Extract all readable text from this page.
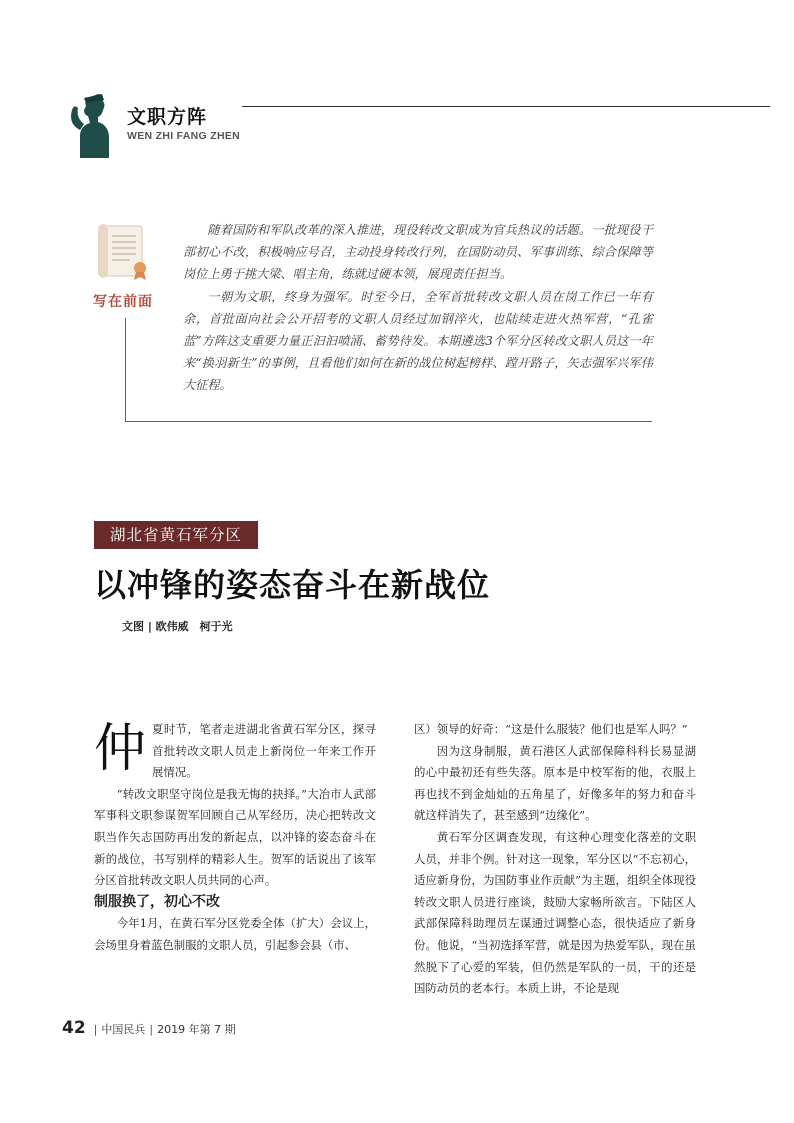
文职方阵
WEN ZHI FANG ZHEN
写在前面

随着国防和军队改革的深入推进，现役转改文职成为官兵热议的话题。一批现役干部初心不改，积极响应号召，主动投身转改行列，在国防动员、军事训练、综合保障等岗位上勇于挑大梁、唱主角，练就过硬本领，展现责任担当。

一朝为文职，终身为强军。时至今日，全军首批转改文职人员在岗工作已一年有余，首批面向社会公开招考的文职人员经过加钢淬火，也陆续走进火热军营，“孔雀蓝”方阵这支重要力量正汩汩喷涌、蓄势待发。本期遴选3个军分区转改文职人员这一年来“换羽新生”的事例，且看他们如何在新的战位树起榜样、蹚开路子，矢志强军兴军伟大征程。

湖北省黄石军分区
以冲锋的姿态奋斗在新战位
文图 | 欧伟威　柯于光
仲 夏时节，笔者走进湖北省黄石军分区，探寻首批转改文职人员走上新岗位一年来工作开展情况。

“转改文职坚守岗位是我无悔的抉择。”大冶市人武部军事科文职参谋贺军回顾自己从军经历，决心把转改文职当作矢志国防再出发的新起点，以冲锋的姿态奋斗在新的战位，书写别样的精彩人生。贺军的话说出了该军分区首批转改文职人员共同的心声。

制服换了，初心不改

今年1月，在黄石军分区党委全体（扩大）会议上，会场里身着蓝色制服的文职人员，引起参会县（市、

区）领导的好奇：“这是什么服装？他们也是军人吗？”

因为这身制服，黄石港区人武部保障科科长易显湖的心中最初还有些失落。原本是中校军衔的他，衣服上再也找不到金灿灿的五角星了，好像多年的努力和奋斗就这样消失了，甚至感到“边缘化”。

黄石军分区调查发现，有这种心理变化落差的文职人员，并非个例。针对这一现象，军分区以“不忘初心，适应新身份，为国防事业作贡献”为主题，组织全体现役转改文职人员进行座谈，鼓励大家畅所欲言。下陆区人武部保障科助理员左谋通过调整心态，很快适应了新身份。他说，“当初选择军营，就是因为热爱军队，现在虽然脱下了心爱的军装，但仍然是军队的一员，干的还是国防动员的老本行。本质上讲，不论是现

42 | 中国民兵 | 2019 年第 7 期
